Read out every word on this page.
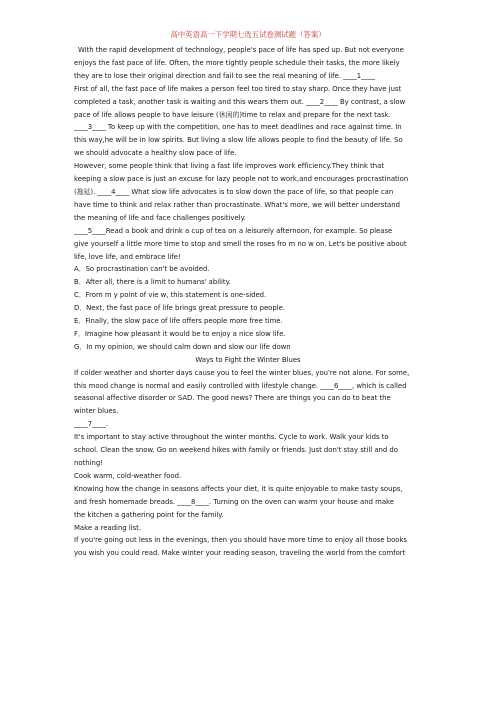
高中英语高一下学期七选五试卷测试题（答案）

With the rapid development of technology, people's pace of life has sped up. But not everyone

enjoys the fast pace of life. Often, the more tightly people schedule their tasks, the more likely

they are to lose their original direction and fail to see the real meaning of life. ____1____

First of all, the fast pace of life makes a person feel too tired to stay sharp. Once they have just

completed a task, another task is waiting and this wears them out. ____2____ By contrast, a slow

pace of life allows people to have leisure (休闲的)time to relax and prepare for the next task.

____3____ To keep up with the competition, one has to meet deadlines and race against time. In

this way,he will be in low spirits. But living a slow life allows people to find the beauty of life. So

we should advocate a healthy slow pace of life.

However, some people think that living a fast life improves work efficiency.They think that

keeping a slow pace is just an excuse for lazy people not to work,and encourages procrastination

(拖延). ____4____ What slow life advocates is to slow down the pace of life, so that people can

have time to think and relax rather than procrastinate. What's more, we will better understand

the meaning of life and face challenges positively.

____5____Read a book and drink a cup of tea on a leisurely afternoon, for example. So please

give yourself a little more time to stop and smell the roses fro m no w on. Let's be positive about

life, love life, and embrace life!

A．So procrastination can't be avoided.

B．After all, there is a limit to humans' ability.

C．From m y point of vie w, this statement is one-sided.

D．Next, the fast pace of life brings great pressure to people.

E．Finally, the slow pace of life offers people more free time.

F．Imagine how pleasant it would be to enjoy a nice slow life.

G．In my opinion, we should calm down and slow our life down

Ways to Fight the Winter Blues

If colder weather and shorter days cause you to feel the winter blues, you're not alone. For some,

this mood change is normal and easily controlled with lifestyle change. ____6____, which is called

seasonal affective disorder or SAD. The good news? There are things you can do to beat the

winter blues.

____7____.

It's important to stay active throughout the winter months. Cycle to work. Walk your kids to

school. Clean the snow. Go on weekend hikes with family or friends. Just don't stay still and do

nothing!

Cook warm, cold-weather food.

Knowing how the change in seasons affects your diet, it is quite enjoyable to make tasty soups,

and fresh homemade breads. ____8____. Turning on the oven can warm your house and make

the kitchen a gathering point for the family.

Make a reading list.

If you're going out less in the evenings, then you should have more time to enjoy all those books

you wish you could read. Make winter your reading season, traveling the world from the comfort
